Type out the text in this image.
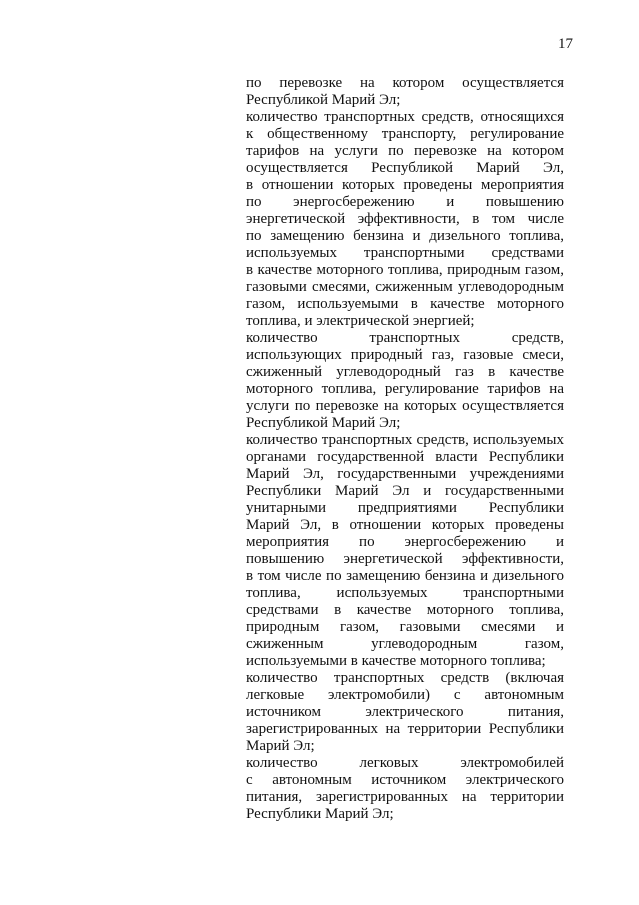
17
по перевозке на котором осуществляется
Республикой Марий Эл;
количество транспортных средств, относящихся
к общественному транспорту, регулирование
тарифов на услуги по перевозке на котором
осуществляется Республикой Марий Эл,
в отношении которых проведены мероприятия
по энергосбережению и повышению
энергетической эффективности, в том числе
по замещению бензина и дизельного топлива,
используемых транспортными средствами
в качестве моторного топлива, природным газом,
газовыми смесями, сжиженным углеводородным
газом, используемыми в качестве моторного
топлива, и электрической энергией;
количество транспортных средств,
использующих природный газ, газовые смеси,
сжиженный углеводородный газ в качестве
моторного топлива, регулирование тарифов на
услуги по перевозке на которых осуществляется
Республикой Марий Эл;
количество транспортных средств, используемых
органами государственной власти Республики
Марий Эл, государственными учреждениями
Республики Марий Эл и государственными
унитарными предприятиями Республики
Марий Эл, в отношении которых проведены
мероприятия по энергосбережению и
повышению энергетической эффективности,
в том числе по замещению бензина и дизельного
топлива, используемых транспортными
средствами в качестве моторного топлива,
природным газом, газовыми смесями и
сжиженным углеводородным газом,
используемыми в качестве моторного топлива;
количество транспортных средств (включая
легковые электромобили) с автономным
источником электрического питания,
зарегистрированных на территории Республики
Марий Эл;
количество легковых электромобилей
с автономным источником электрического
питания, зарегистрированных на территории
Республики Марий Эл;
